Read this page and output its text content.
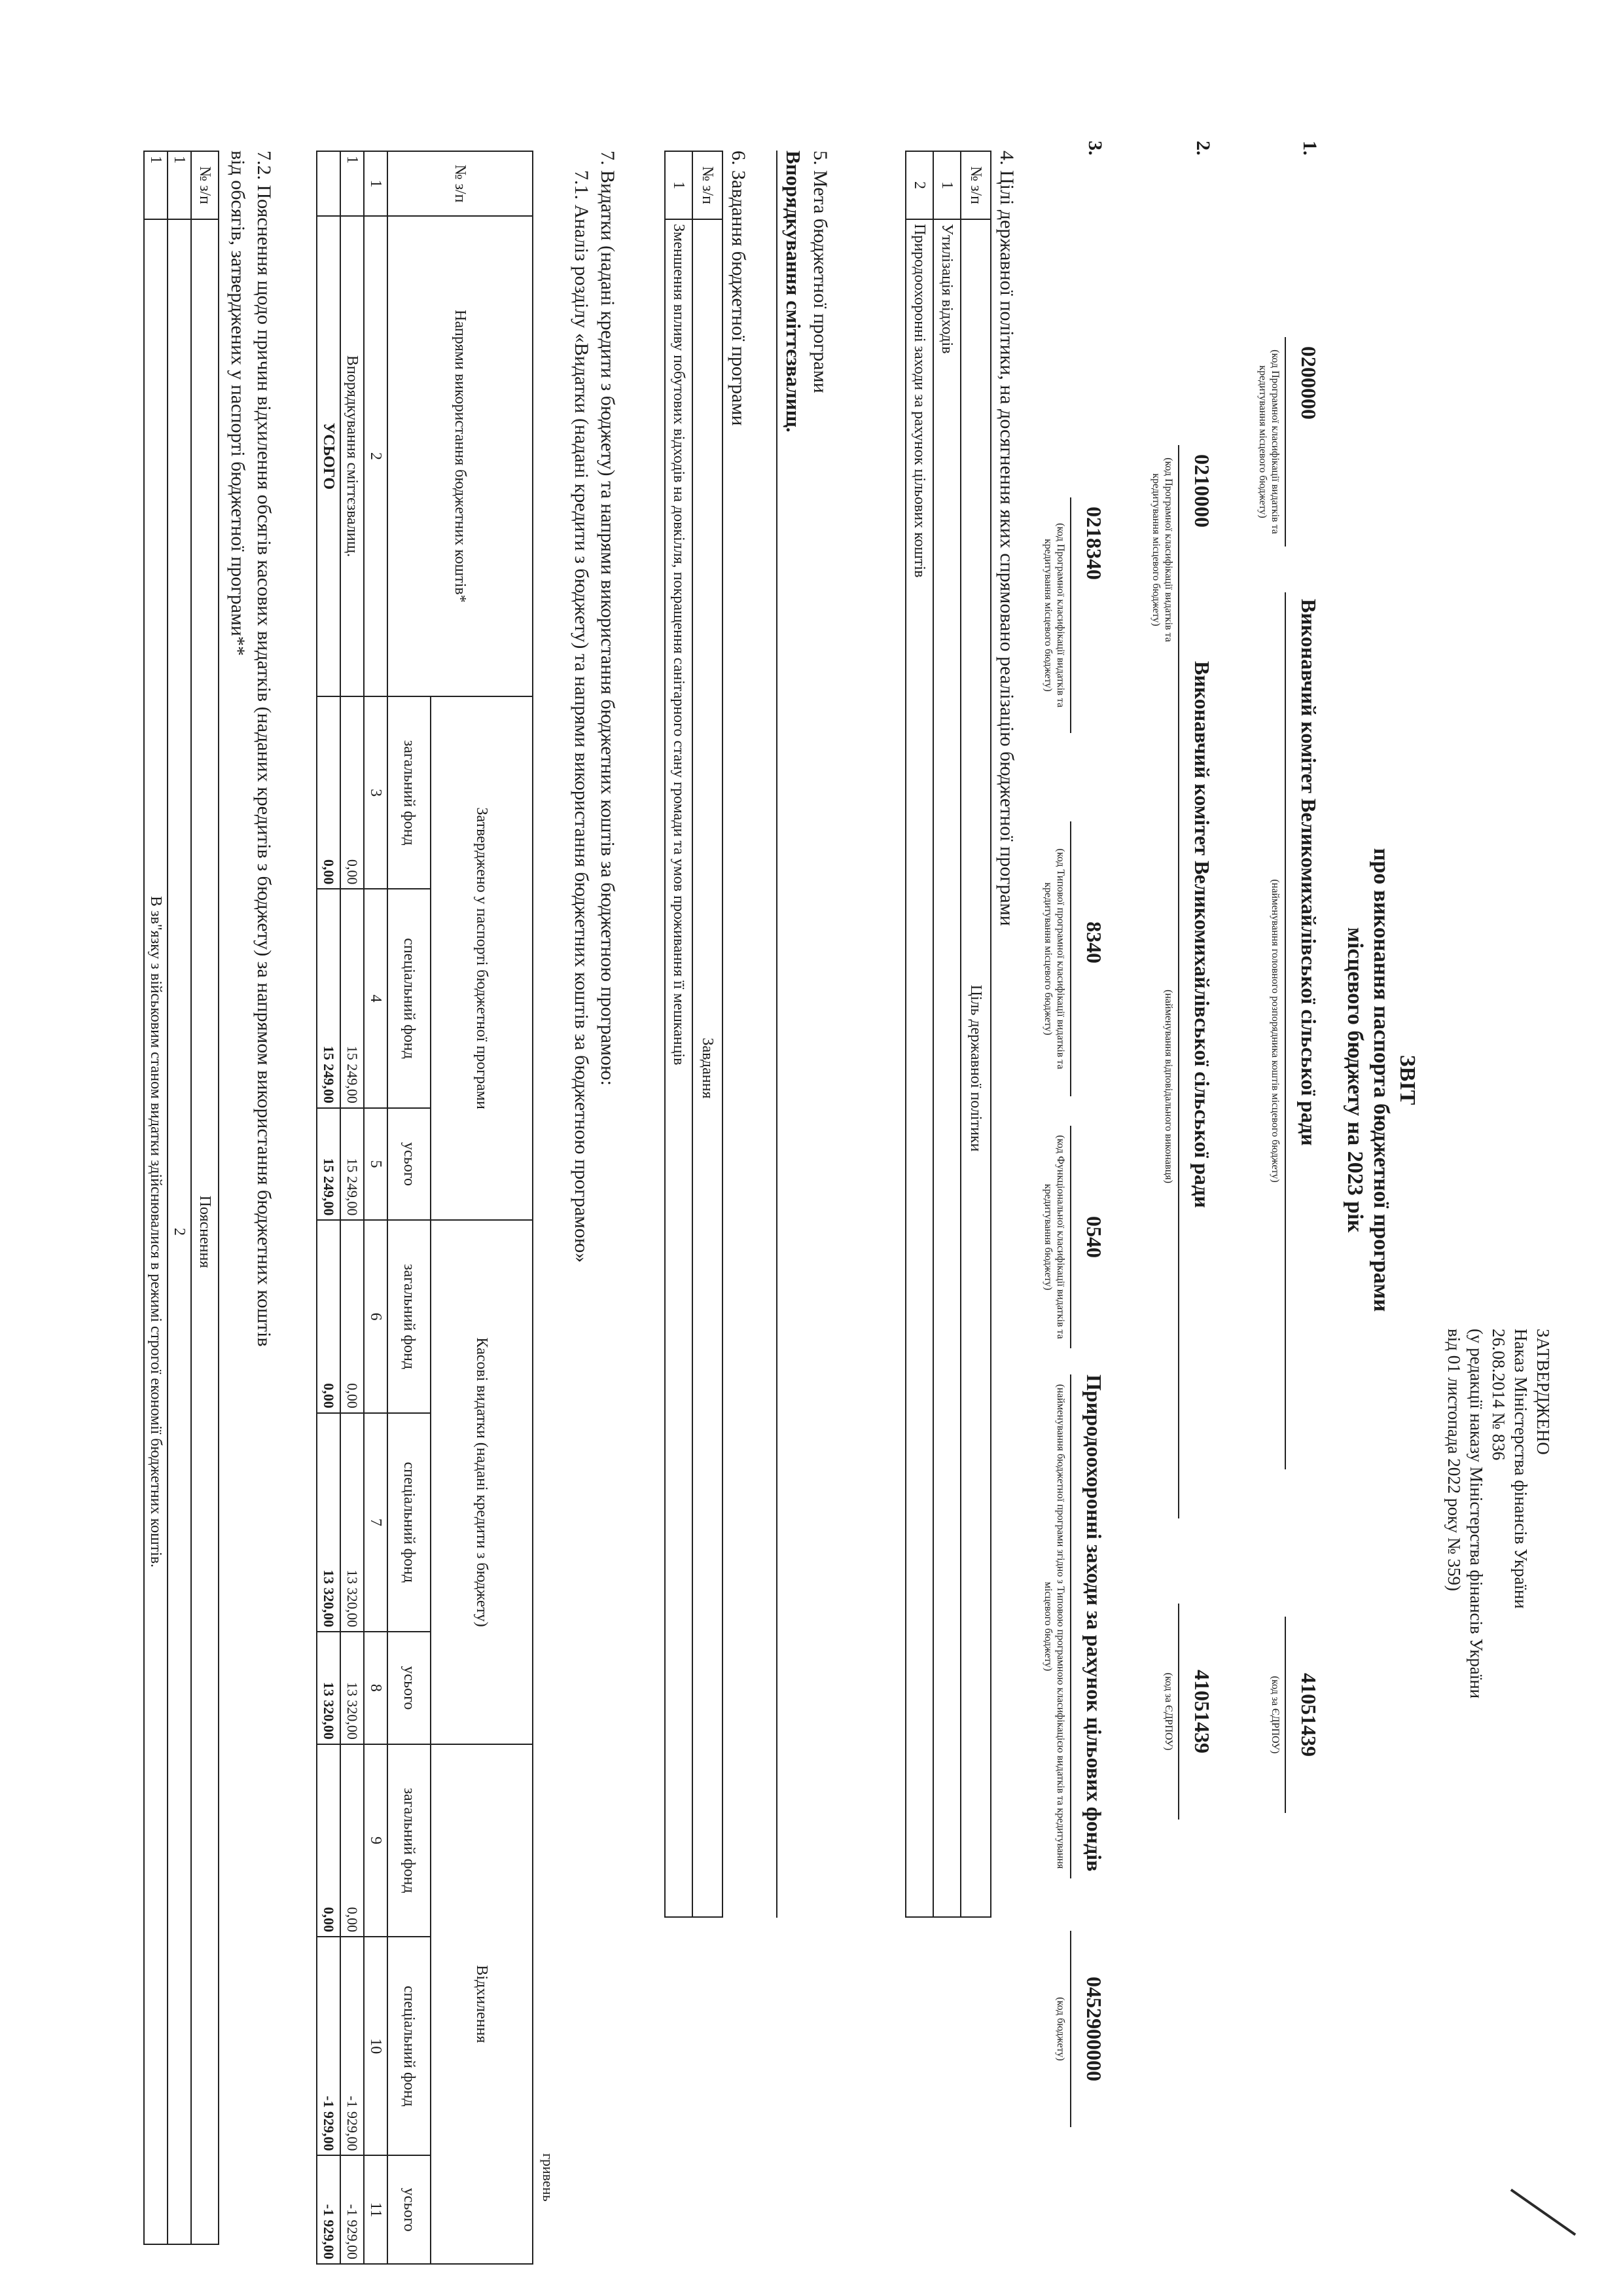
ЗАТВЕРДЖЕНО
Наказ Міністерства фінансів України
26.08.2014 № 836
(у редакції наказу Міністерства фінансів України
від 01 листопада 2022 року № 359)
ЗВІТ
про виконання паспорта бюджетної програми
місцевого бюджету на 2023 рік
1.
0200000
(код Програмної класифікації видатків та кредитування місцевого бюджету)
Виконавчий комітет Великомихайлівської сільської ради
(найменування головного розпорядника коштів місцевого бюджету)
41051439
(код за ЄДРПОУ)
2.
0210000
(код Програмної класифікації видатків та кредитування місцевого бюджету)
Виконавчий комітет Великомихайлівської сільської ради
(найменування відповідального виконавця)
41051439
(код за ЄДРПОУ)
3.
0218340
(код Програмної класифікації видатків та кредитування місцевого бюджету)
8340
(код Типової програмної класифікації видатків та кредитування місцевого бюджету)
0540
(код Функціональної класифікації видатків та кредитування бюджету)
Природоохоронні заходи за рахунок цільових фондів
(найменування бюджетної програми згідно з Типовою програмною класифікацією видатків та кредитування місцевого бюджету)
0452900000
(код бюджету)
4. Цілі державної політики, на досягнення яких спрямовано реалізацію бюджетної програми
№ з/п	Ціль державної політики
1	Утилізація відходів
2	Природоохоронні заходи за рахунок цільових коштів
5. Мета бюджетної програми
Впорядкування сміттєзвалищ.
6. Завдання бюджетної програми
№ з/п	Завдання
1	Зменшення впливу побутових відходів на довкілля, покращення санітарного стану громади та умов проживання її мешканців
7. Видатки (надані кредити з бюджету) та напрями використання бюджетних коштів за бюджетною програмою:
7.1. Аналіз розділу «Видатки (надані кредити з бюджету) та напрями використання бюджетних коштів за бюджетною програмою»
гривень
№ з/п	Напрями використання бюджетних коштів*	Затверджено у паспорті бюджетної програми			Касові видатки (надані кредити з бюджету)			Відхилення		
		загальний фонд	спеціальний фонд	усього	загальний фонд	спеціальний фонд	усього	загальний фонд	спеціальний фонд	усього
1	2	3	4	5	6	7	8	9	10	11
1	Впорядкування сміттєзвалищ.	0,00	15 249,00	15 249,00	0,00	13 320,00	13 320,00	0,00	-1 929,00	-1 929,00
	УСЬОГО	0,00	15 249,00	15 249,00	0,00	13 320,00	13 320,00	0,00	-1 929,00	-1 929,00
7.2. Пояснення щодо причин відхилення обсягів касових видатків (наданих кредитів з бюджету) за напрямом використання бюджетних коштів
від обсягів, затверджених у паспорті бюджетної програми**
№ з/п	Пояснення
1	2
1	В зв"язку з військовим станом видатки здійснювалися в режимі строгої економії бюджетних коштів.
